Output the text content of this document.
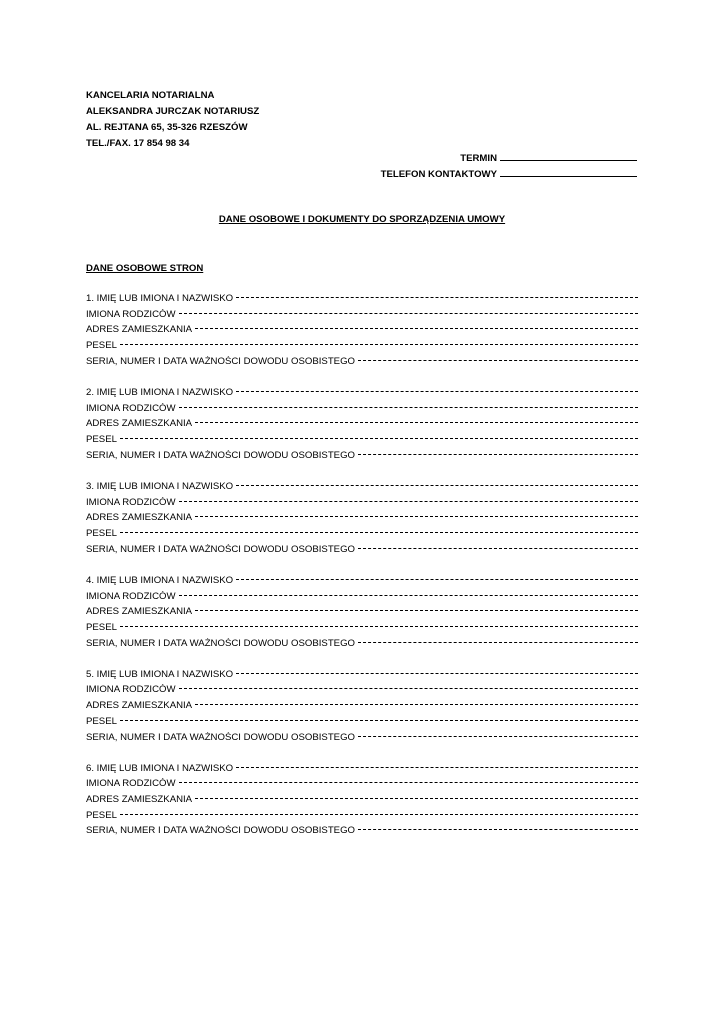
KANCELARIA NOTARIALNA
ALEKSANDRA JURCZAK NOTARIUSZ
AL. REJTANA 65, 35-326 RZESZÓW
TEL./FAX. 17 854 98 34
TERMIN
TELEFON KONTAKTOWY
DANE OSOBOWE I DOKUMENTY DO SPORZĄDZENIA UMOWY
DANE OSOBOWE STRON
1. IMIĘ LUB IMIONA I NAZWISKO
IMIONA RODZICÓW
ADRES ZAMIESZKANIA
PESEL
SERIA, NUMER I DATA WAŻNOŚCI DOWODU OSOBISTEGO
2. IMIĘ LUB IMIONA I NAZWISKO
IMIONA RODZICÓW
ADRES ZAMIESZKANIA
PESEL
SERIA, NUMER I DATA WAŻNOŚCI DOWODU OSOBISTEGO
3. IMIĘ LUB IMIONA I NAZWISKO
IMIONA RODZICÓW
ADRES ZAMIESZKANIA
PESEL
SERIA, NUMER I DATA WAŻNOŚCI DOWODU OSOBISTEGO
4. IMIĘ LUB IMIONA I NAZWISKO
IMIONA RODZICÓW
ADRES ZAMIESZKANIA
PESEL
SERIA, NUMER I DATA WAŻNOŚCI DOWODU OSOBISTEGO
5. IMIĘ LUB IMIONA I NAZWISKO
IMIONA RODZICÓW
ADRES ZAMIESZKANIA
PESEL
SERIA, NUMER I DATA WAŻNOŚCI DOWODU OSOBISTEGO
6. IMIĘ LUB IMIONA I NAZWISKO
IMIONA RODZICÓW
ADRES ZAMIESZKANIA
PESEL
SERIA, NUMER I DATA WAŻNOŚCI DOWODU OSOBISTEGO
